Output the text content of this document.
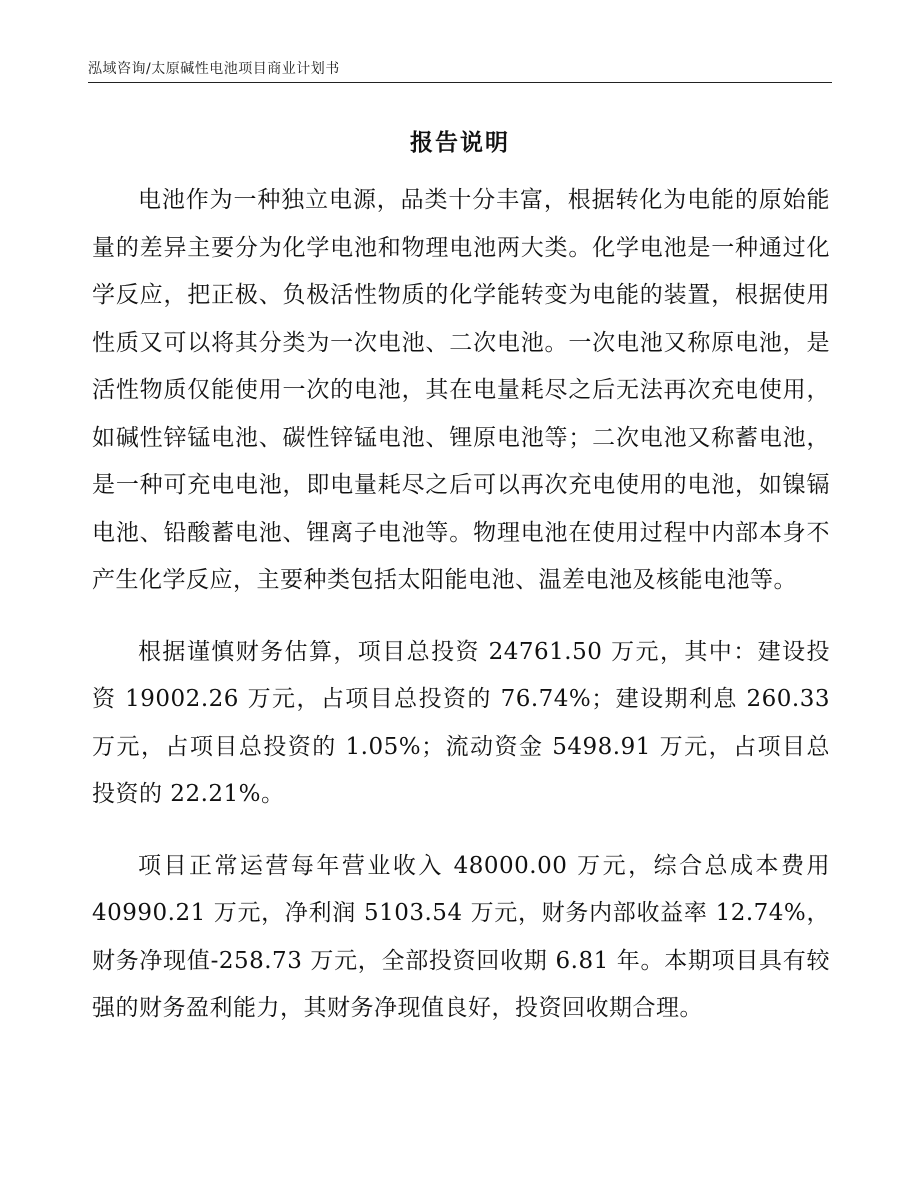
泓域咨询/太原碱性电池项目商业计划书
报告说明

电池作为一种独立电源，品类十分丰富，根据转化为电能的原始能量的差异主要分为化学电池和物理电池两大类。化学电池是一种通过化学反应，把正极、负极活性物质的化学能转变为电能的装置，根据使用性质又可以将其分类为一次电池、二次电池。一次电池又称原电池，是活性物质仅能使用一次的电池，其在电量耗尽之后无法再次充电使用，如碱性锌锰电池、碳性锌锰电池、锂原电池等；二次电池又称蓄电池，是一种可充电电池，即电量耗尽之后可以再次充电使用的电池，如镍镉电池、铅酸蓄电池、锂离子电池等。物理电池在使用过程中内部本身不产生化学反应，主要种类包括太阳能电池、温差电池及核能电池等。

根据谨慎财务估算，项目总投资 24761.50 万元，其中：建设投资 19002.26 万元，占项目总投资的 76.74%；建设期利息 260.33 万元，占项目总投资的 1.05%；流动资金 5498.91 万元，占项目总投资的 22.21%。

项目正常运营每年营业收入 48000.00 万元，综合总成本费用 40990.21 万元，净利润 5103.54 万元，财务内部收益率 12.74%，财务净现值-258.73 万元，全部投资回收期 6.81 年。本期项目具有较强的财务盈利能力，其财务净现值良好，投资回收期合理。
